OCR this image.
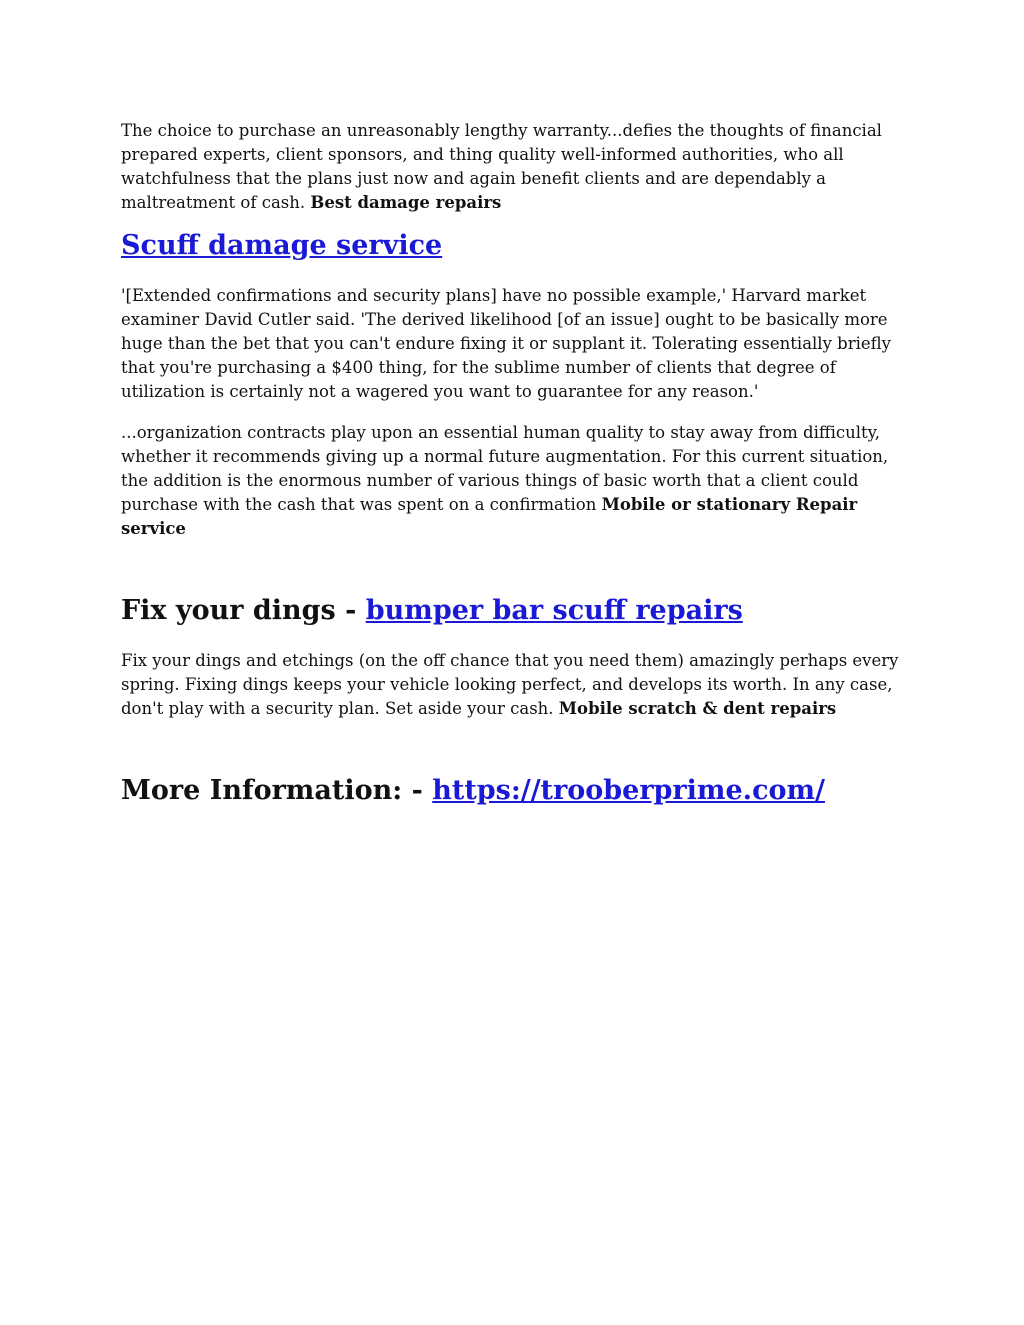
The choice to purchase an unreasonably lengthy warranty...defies the thoughts of financial prepared experts, client sponsors, and thing quality well-informed authorities, who all watchfulness that the plans just now and again benefit clients and are dependably a maltreatment of cash. Best damage repairs

Scuff damage service

'[Extended confirmations and security plans] have no possible example,' Harvard market examiner David Cutler said. 'The derived likelihood [of an issue] ought to be basically more huge than the bet that you can't endure fixing it or supplant it. Tolerating essentially briefly that you're purchasing a $400 thing, for the sublime number of clients that degree of utilization is certainly not a wagered you want to guarantee for any reason.'

...organization contracts play upon an essential human quality to stay away from difficulty, whether it recommends giving up a normal future augmentation. For this current situation, the addition is the enormous number of various things of basic worth that a client could purchase with the cash that was spent on a confirmation Mobile or stationary Repair service

Fix your dings - bumper bar scuff repairs

Fix your dings and etchings (on the off chance that you need them) amazingly perhaps every spring. Fixing dings keeps your vehicle looking perfect, and develops its worth. In any case, don't play with a security plan. Set aside your cash. Mobile scratch & dent repairs

More Information: - https://trooberprime.com/
